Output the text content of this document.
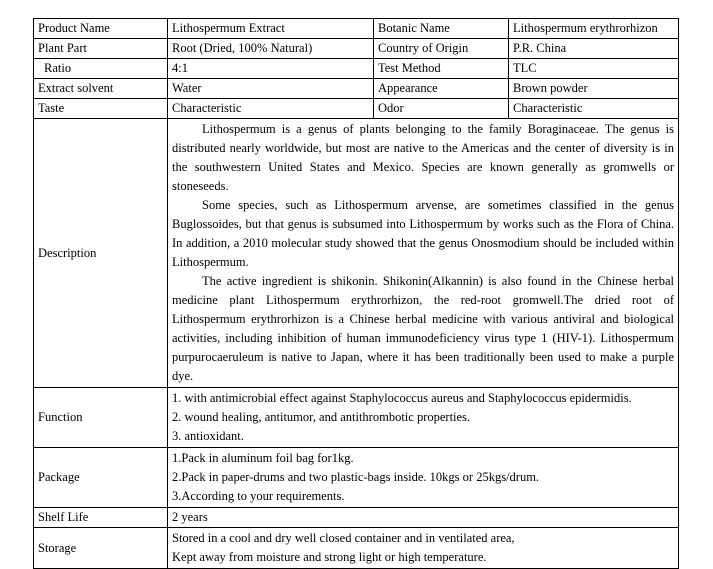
Product Name	Lithospermum Extract	Botanic Name	Lithospermum erythrorhizon
Plant Part	Root (Dried, 100% Natural)	Country of Origin	P.R. China
Ratio	4:1	Test Method	TLC
Extract solvent	Water	Appearance	Brown powder
Taste	Characteristic	Odor	Characteristic
Description	Lithospermum is a genus of plants belonging to the family Boraginaceae. The genus is distributed nearly worldwide, but most are native to the Americas and the center of diversity is in the southwestern United States and Mexico. Species are known generally as gromwells or stoneseeds.

Some species, such as Lithospermum arvense, are sometimes classified in the genus Buglossoides, but that genus is subsumed into Lithospermum by works such as the Flora of China. In addition, a 2010 molecular study showed that the genus Onosmodium should be included within Lithospermum.

The active ingredient is shikonin. Shikonin(Alkannin) is also found in the Chinese herbal medicine plant Lithospermum erythrorhizon, the red-root gromwell.The dried root of Lithospermum erythrorhizon is a Chinese herbal medicine with various antiviral and biological activities, including inhibition of human immunodeficiency virus type 1 (HIV-1). Lithospermum purpurocaeruleum is native to Japan, where it has been traditionally been used to make a purple dye.		

Function	1. with antimicrobial effect against Staphylococcus aureus and Staphylococcus epidermidis.
2. wound healing, antitumor, and antithrombotic properties.
3. antioxidant.		

Package	1.Pack in aluminum foil bag for1kg.
2.Pack in paper-drums and two plastic-bags inside. 10kgs or 25kgs/drum.
3.According to your requirements.		

Shelf Life	2 years		
Storage	Stored in a cool and dry well closed container and in ventilated area,
Kept away from moisture and strong light or high temperature.		
